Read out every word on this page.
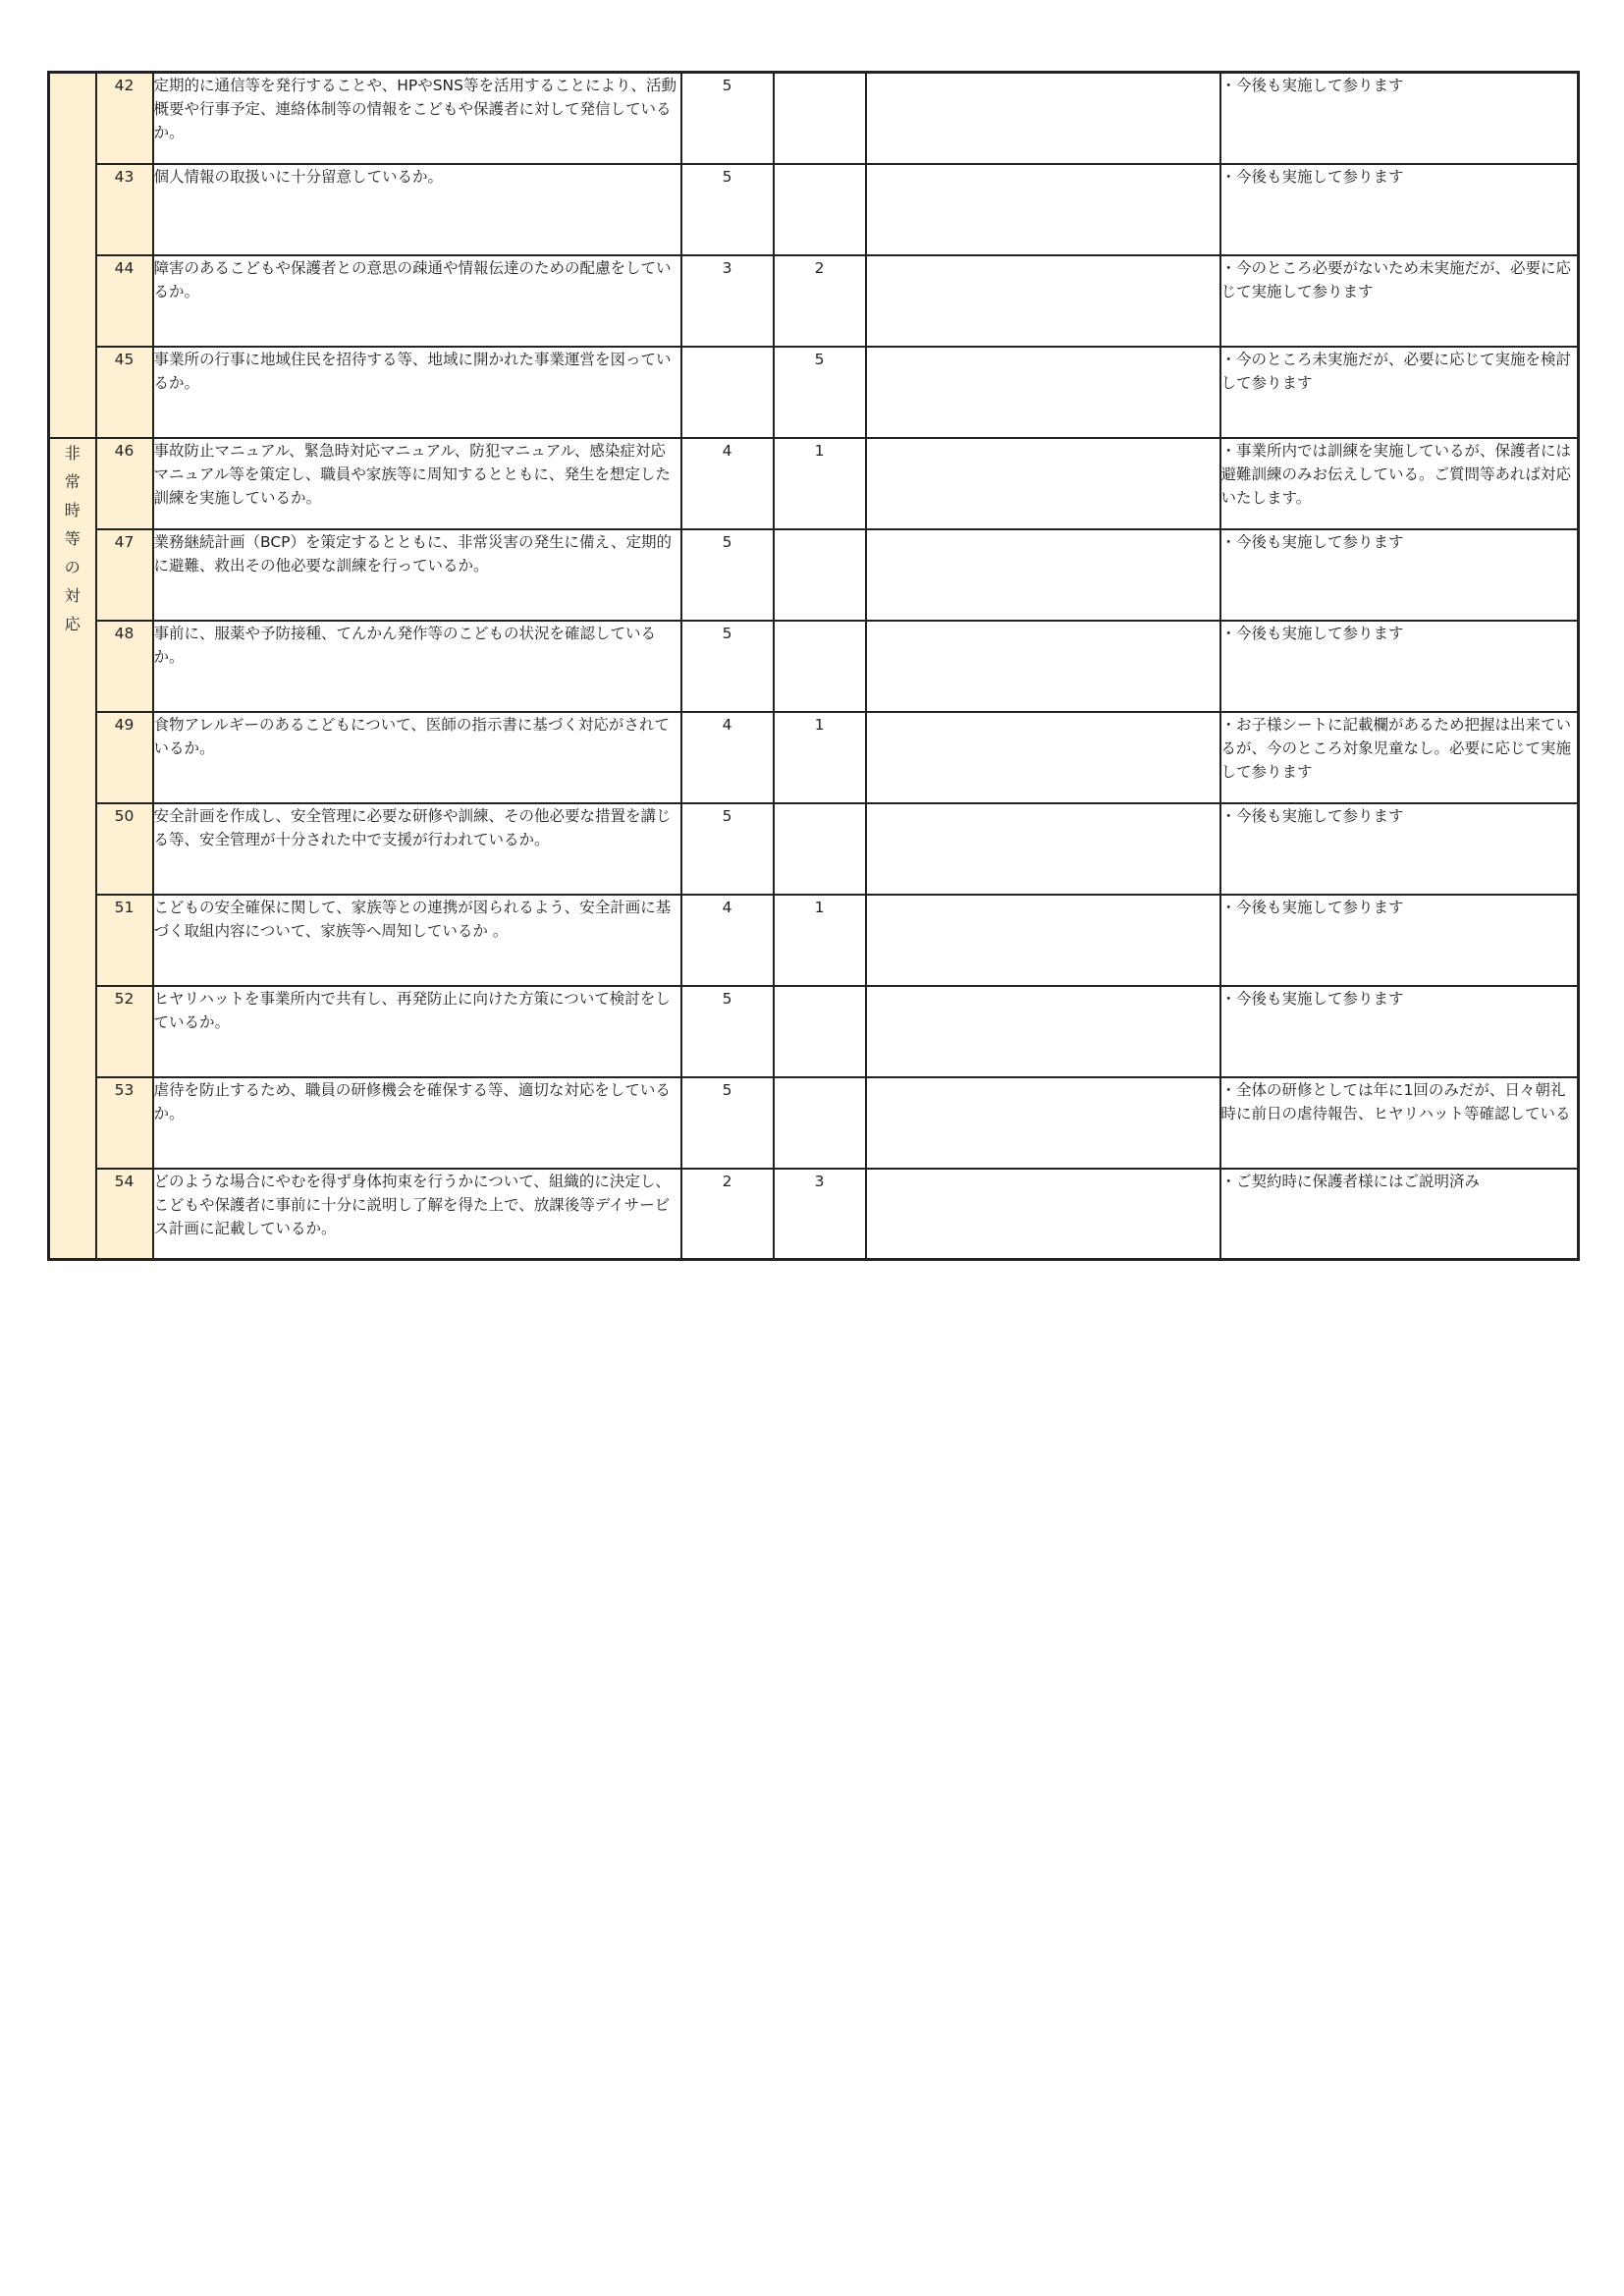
	42	定期的に通信等を発行することや、HPやSNS等を活用することにより、活動概要や行事予定、連絡体制等の情報をこどもや保護者に対して発信しているか。	5			・今後も実施して参ります
	43	個人情報の取扱いに十分留意しているか。	5			・今後も実施して参ります
	44	障害のあるこどもや保護者との意思の疎通や情報伝達のための配慮をしているか。	3	2		・今のところ必要がないため未実施だが、必要に応じて実施して参ります
	45	事業所の行事に地域住民を招待する等、地域に開かれた事業運営を図っているか。		5		・今のところ未実施だが、必要に応じて実施を検討して参ります
非常時等の対応	46	事故防止マニュアル、緊急時対応マニュアル、防犯マニュアル、感染症対応マニュアル等を策定し、職員や家族等に周知するとともに、発生を想定した訓練を実施しているか。	4	1		・事業所内では訓練を実施しているが、保護者には避難訓練のみお伝えしている。ご質問等あれば対応いたします。
	47	業務継続計画（BCP）を策定するとともに、非常災害の発生に備え、定期的に避難、救出その他必要な訓練を行っているか。	5			・今後も実施して参ります
	48	事前に、服薬や予防接種、てんかん発作等のこどもの状況を確認しているか。	5			・今後も実施して参ります
	49	食物アレルギーのあるこどもについて、医師の指示書に基づく対応がされているか。	4	1		・お子様シートに記載欄があるため把握は出来ているが、今のところ対象児童なし。必要に応じて実施して参ります
	50	安全計画を作成し、安全管理に必要な研修や訓練、その他必要な措置を講じる等、安全管理が十分された中で支援が行われているか。	5			・今後も実施して参ります
	51	こどもの安全確保に関して、家族等との連携が図られるよう、安全計画に基づく取組内容について、家族等へ周知しているか 。	4	1		・今後も実施して参ります
	52	ヒヤリハットを事業所内で共有し、再発防止に向けた方策について検討をしているか。	5			・今後も実施して参ります
	53	虐待を防止するため、職員の研修機会を確保する等、適切な対応をしているか。	5			・全体の研修としては年に1回のみだが、日々朝礼時に前日の虐待報告、ヒヤリハット等確認している
	54	どのような場合にやむを得ず身体拘束を行うかについて、組織的に決定し、こどもや保護者に事前に十分に説明し了解を得た上で、放課後等デイサービス計画に記載しているか。	2	3		・ご契約時に保護者様にはご説明済み
